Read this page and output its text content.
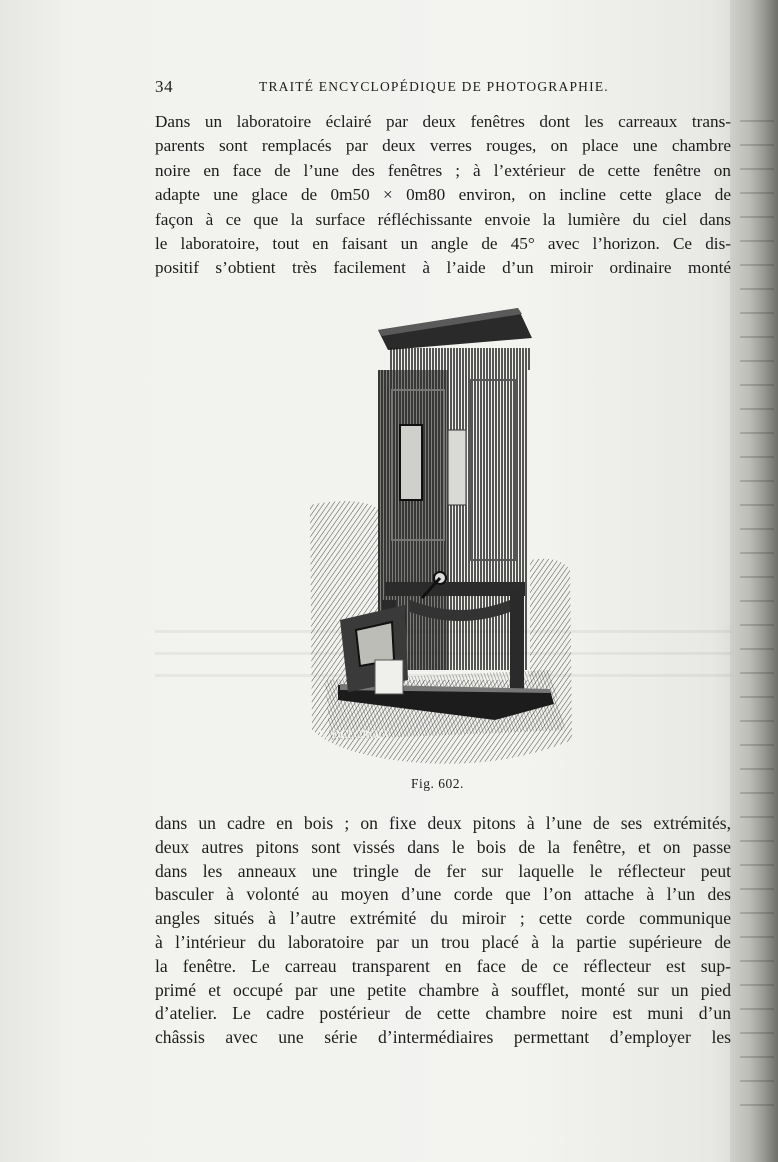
34	TRAITÉ ENCYCLOPÉDIQUE DE PHOTOGRAPHIE.

Dans un laboratoire éclairé par deux fenêtres dont les carreaux trans-
parents sont remplacés par deux verres rouges, on place une chambre
noire en face de l’une des fenêtres ; à l’extérieur de cette fenêtre on
adapte une glace de 0m50 × 0m80 environ, on incline cette glace de
façon à ce que la surface réfléchissante envoie la lumière du ciel dans
le laboratoire, tout en faisant un angle de 45° avec l’horizon. Ce dis-
positif s’obtient très facilement à l’aide d’un miroir ordinaire monté

E. DELCROIX
Fig. 602.

dans un cadre en bois ; on fixe deux pitons à l’une de ses extrémités,
deux autres pitons sont vissés dans le bois de la fenêtre, et on passe
dans les anneaux une tringle de fer sur laquelle le réflecteur peut
basculer à volonté au moyen d’une corde que l’on attache à l’un des
angles situés à l’autre extrémité du miroir ; cette corde communique
à l’intérieur du laboratoire par un trou placé à la partie supérieure de
la fenêtre. Le carreau transparent en face de ce réflecteur est sup-
primé et occupé par une petite chambre à soufflet, monté sur un pied
d’atelier. Le cadre postérieur de cette chambre noire est muni d’un
châssis avec une série d’intermédiaires permettant d’employer les
